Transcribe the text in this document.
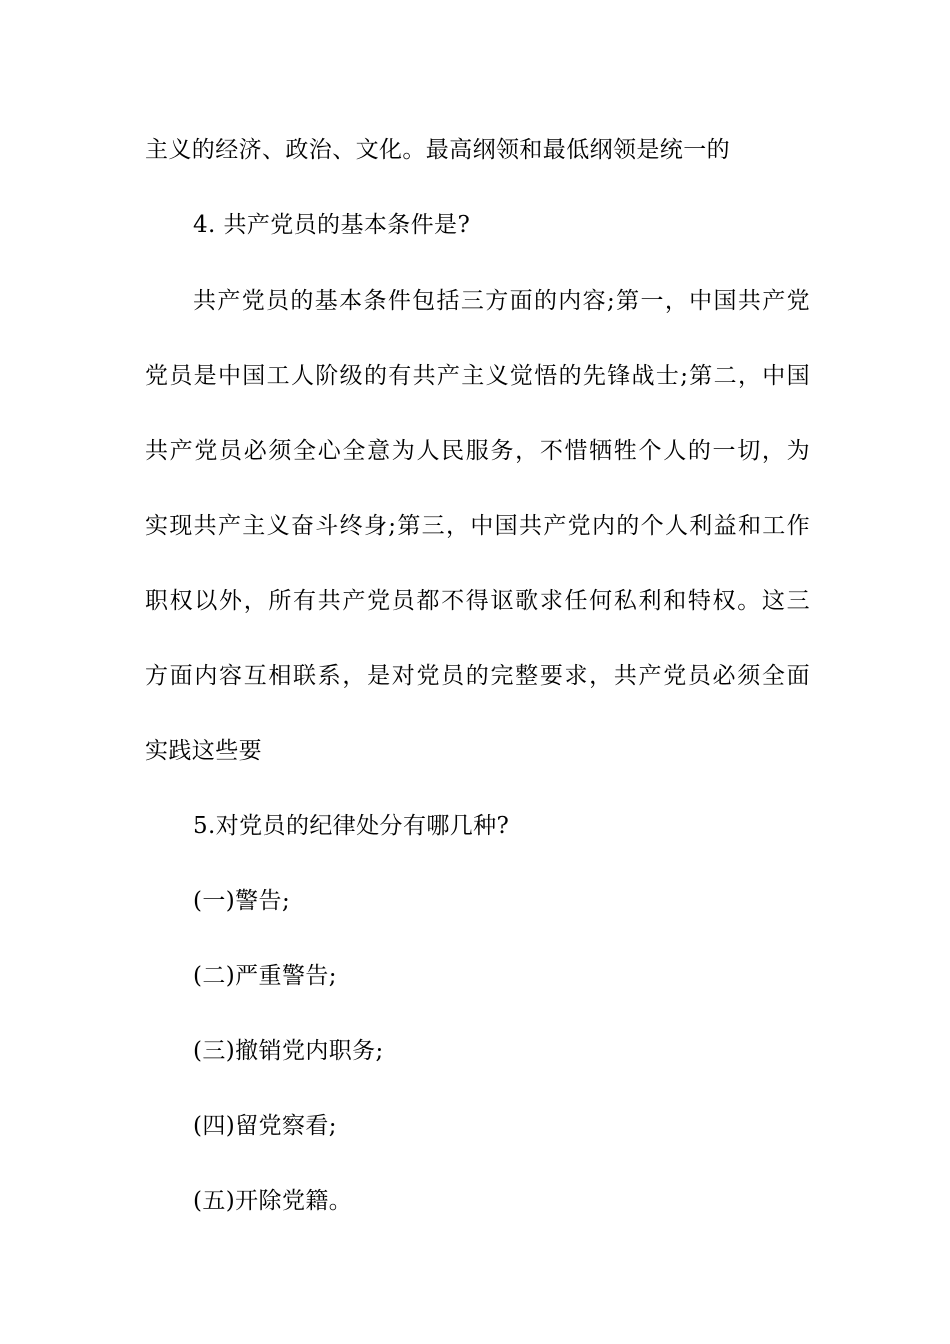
主义的经济、政治、文化。最高纲领和最低纲领是统一的
4. 共产党员的基本条件是?
共产党员的基本条件包括三方面的内容;第一，中国共产党
党员是中国工人阶级的有共产主义觉悟的先锋战士;第二，中国
共产党员必须全心全意为人民服务，不惜牺牲个人的一切，为
实现共产主义奋斗终身;第三，中国共产党内的个人利益和工作
职权以外，所有共产党员都不得讴歌求任何私利和特权。这三
方面内容互相联系，是对党员的完整要求，共产党员必须全面
实践这些要
5.对党员的纪律处分有哪几种?
(一)警告;
(二)严重警告;
(三)撤销党内职务;
(四)留党察看;
(五)开除党籍。
